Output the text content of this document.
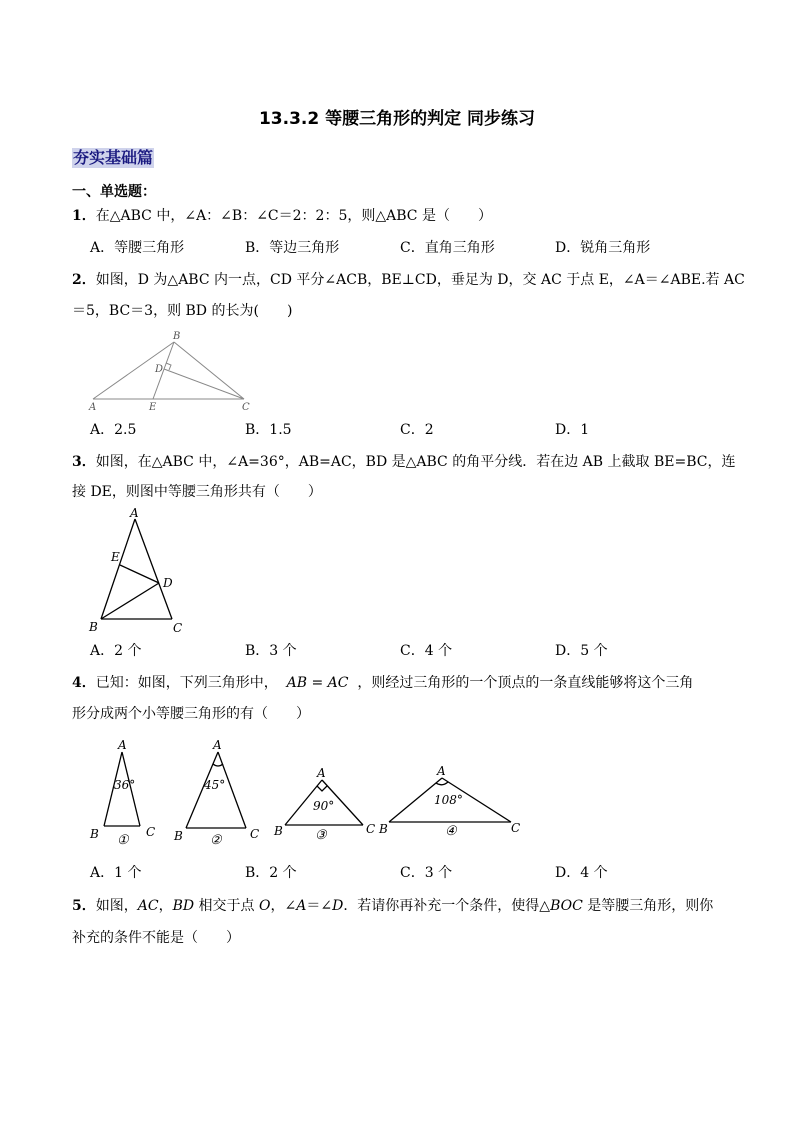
13.3.2 等腰三角形的判定 同步练习
夯实基础篇
一、单选题：
1．在△ABC 中，∠A：∠B：∠C＝2：2：5，则△ABC 是（　　）
A．等腰三角形	B．等边三角形	C．直角三角形	D．锐角三角形
2．如图，D 为△ABC 内一点，CD 平分∠ACB，BE⊥CD，垂足为 D，交 AC 于点 E，∠A＝∠ABE.若 AC
＝5，BC＝3，则 BD 的长为(　　)
B
D
A	E	C
A．2.5	B．1.5	C．2	D．1
3．如图，在△ABC 中，∠A=36°，AB=AC，BD 是△ABC 的角平分线．若在边 AB 上截取 BE=BC，连
接 DE，则图中等腰三角形共有（　　）
A
E
D
B	C
A．2 个	B．3 个	C．4 个	D．5 个
4．已知：如图，下列三角形中， AB = AC ，则经过三角形的一个顶点的一条直线能够将这个三角
形分成两个小等腰三角形的有（　　）
A
36°
B	C
①
A
45°
B	C
②
A
90°
B	C
③
A
108°
B	C
④
A．1 个	B．2 个	C．3 个	D．4 个
5．如图，AC，BD 相交于点 O，∠A＝∠D．若请你再补充一个条件，使得△BOC 是等腰三角形，则你
补充的条件不能是（　　）
